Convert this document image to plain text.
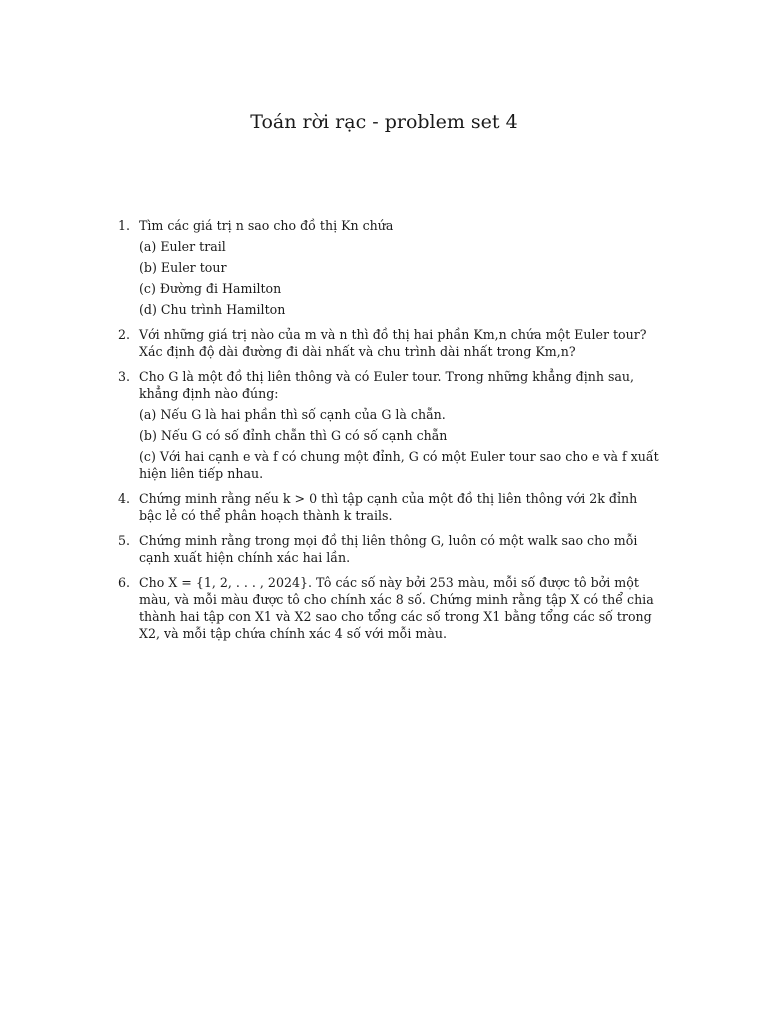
Toán rời rạc - problem set 4
1. Tìm các giá trị n sao cho đồ thị Kn chứa
(a) Euler trail
(b) Euler tour
(c) Đường đi Hamilton
(d) Chu trình Hamilton
2. Với những giá trị nào của m và n thì đồ thị hai phần Km,n chứa một Euler tour? Xác định độ dài đường đi dài nhất và chu trình dài nhất trong Km,n?
3. Cho G là một đồ thị liên thông và có Euler tour. Trong những khẳng định sau, khẳng định nào đúng:
(a) Nếu G là hai phần thì số cạnh của G là chẵn.
(b) Nếu G có số đỉnh chẵn thì G có số cạnh chẵn
(c) Với hai cạnh e và f có chung một đỉnh, G có một Euler tour sao cho e và f xuất hiện liên tiếp nhau.
4. Chứng minh rằng nếu k > 0 thì tập cạnh của một đồ thị liên thông với 2k đỉnh bậc lẻ có thể phân hoạch thành k trails.
5. Chứng minh rằng trong mọi đồ thị liên thông G, luôn có một walk sao cho mỗi cạnh xuất hiện chính xác hai lần.
6. Cho X = {1, 2, . . . , 2024}. Tô các số này bởi 253 màu, mỗi số được tô bởi một màu, và mỗi màu được tô cho chính xác 8 số. Chứng minh rằng tập X có thể chia thành hai tập con X1 và X2 sao cho tổng các số trong X1 bằng tổng các số trong X2, và mỗi tập chứa chính xác 4 số với mỗi màu.
